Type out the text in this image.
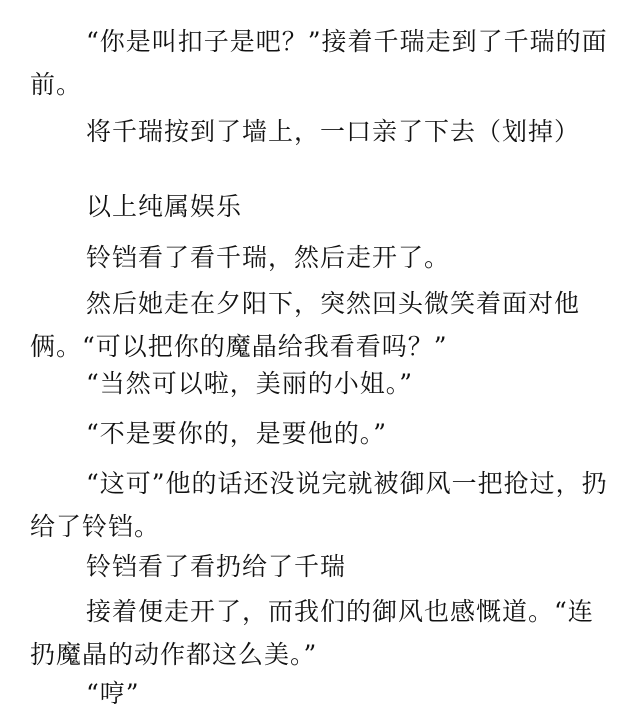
“你是叫扣子是吧？”接着千瑞走到了千瑞的面前。

将千瑞按到了墙上，一口亲了下去（划掉）

以上纯属娱乐

铃铛看了看千瑞，然后走开了。

然后她走在夕阳下，突然回头微笑着面对他俩。“可以把你的魔晶给我看看吗？”

“当然可以啦，美丽的小姐。”

“不是要你的，是要他的。”

“这可”他的话还没说完就被御风一把抢过，扔给了铃铛。

铃铛看了看扔给了千瑞

接着便走开了，而我们的御风也感慨道。“连扔魔晶的动作都这么美。”

“哼”
